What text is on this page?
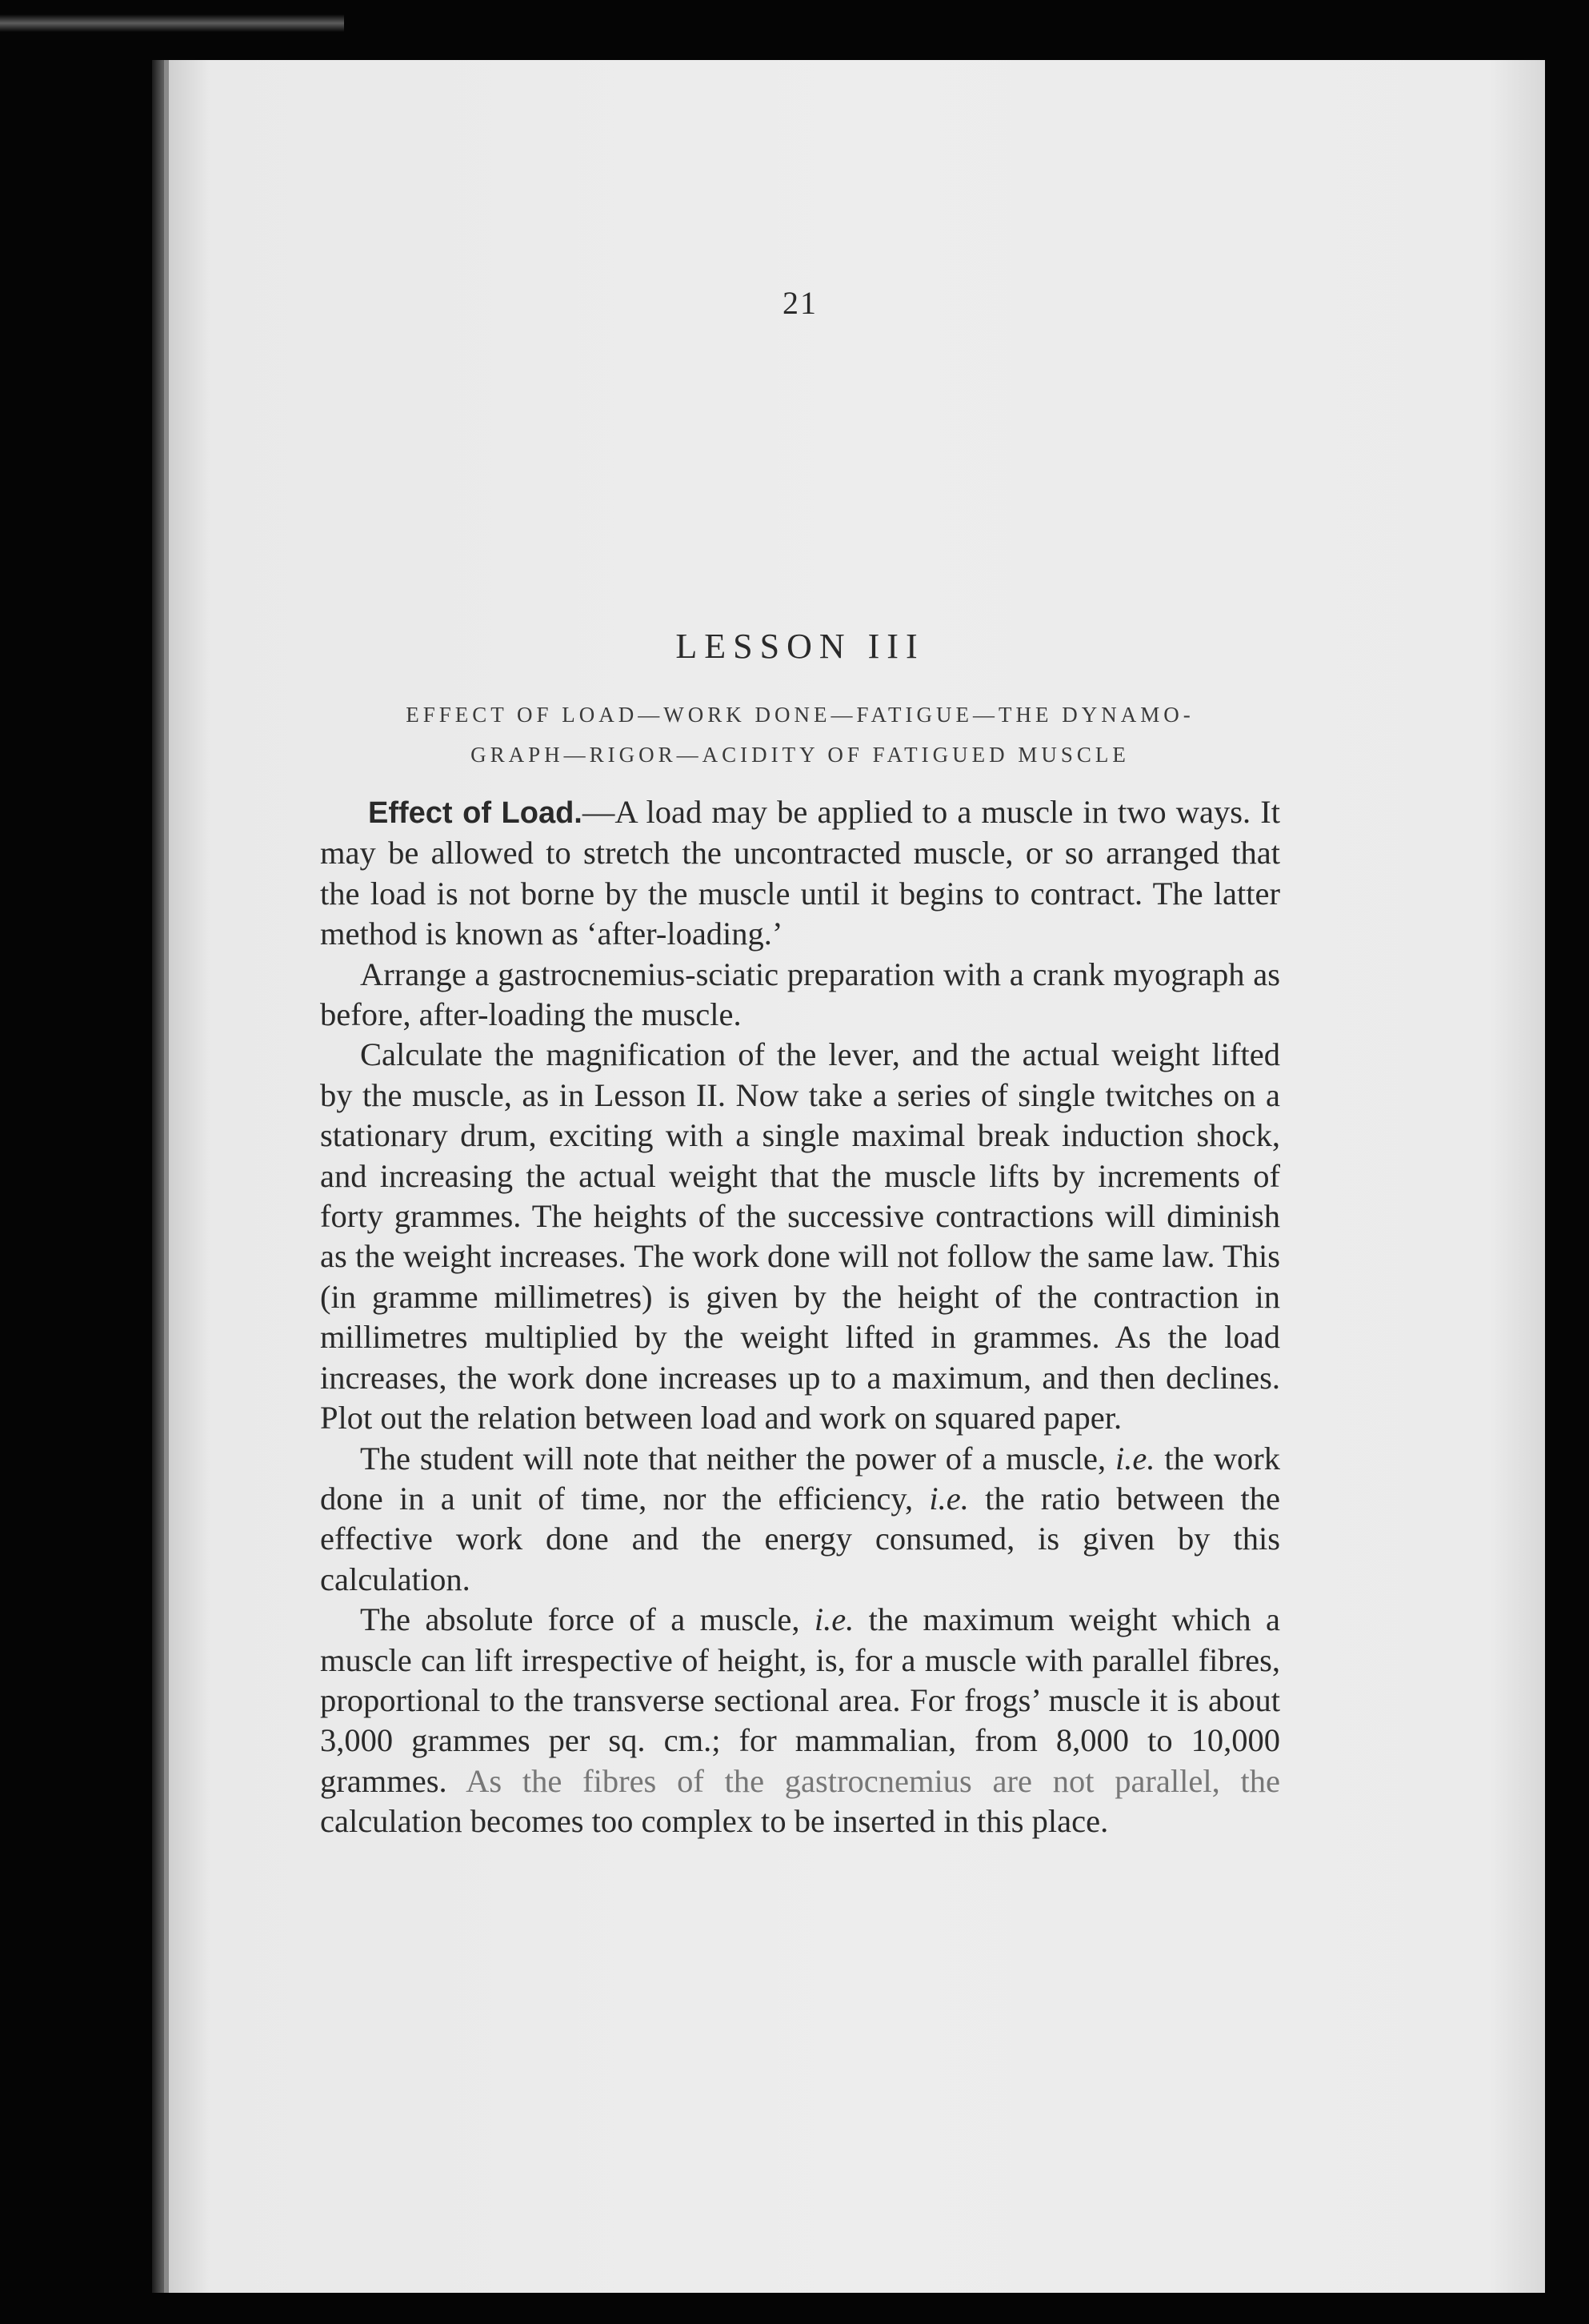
21
LESSON III
EFFECT OF LOAD—WORK DONE—FATIGUE—THE DYNAMO-
GRAPH—RIGOR—ACIDITY OF FATIGUED MUSCLE

Effect of Load.—A load may be applied to a muscle in two ways. It may be allowed to stretch the uncontracted muscle, or so arranged that the load is not borne by the muscle until it begins to contract. The latter method is known as ‘after-loading.’

Arrange a gastrocnemius-sciatic preparation with a crank myograph as before, after-loading the muscle.

Calculate the magnification of the lever, and the actual weight lifted by the muscle, as in Lesson II. Now take a series of single twitches on a stationary drum, exciting with a single maximal break induction shock, and increasing the actual weight that the muscle lifts by increments of forty grammes. The heights of the successive contractions will diminish as the weight increases. The work done will not follow the same law. This (in gramme millimetres) is given by the height of the contraction in millimetres multiplied by the weight lifted in grammes. As the load increases, the work done increases up to a maximum, and then declines. Plot out the relation between load and work on squared paper.

The student will note that neither the power of a muscle, i.e. the work done in a unit of time, nor the efficiency, i.e. the ratio between the effective work done and the energy consumed, is given by this calculation.

The absolute force of a muscle, i.e. the maximum weight which a muscle can lift irrespective of height, is, for a muscle with parallel fibres, proportional to the transverse sectional area. For frogs’ muscle it is about 3,000 grammes per sq. cm.; for mammalian, from 8,000 to 10,000 grammes. As the fibres of the gastrocnemius are not parallel, the calculation becomes too complex to be inserted in this place.
